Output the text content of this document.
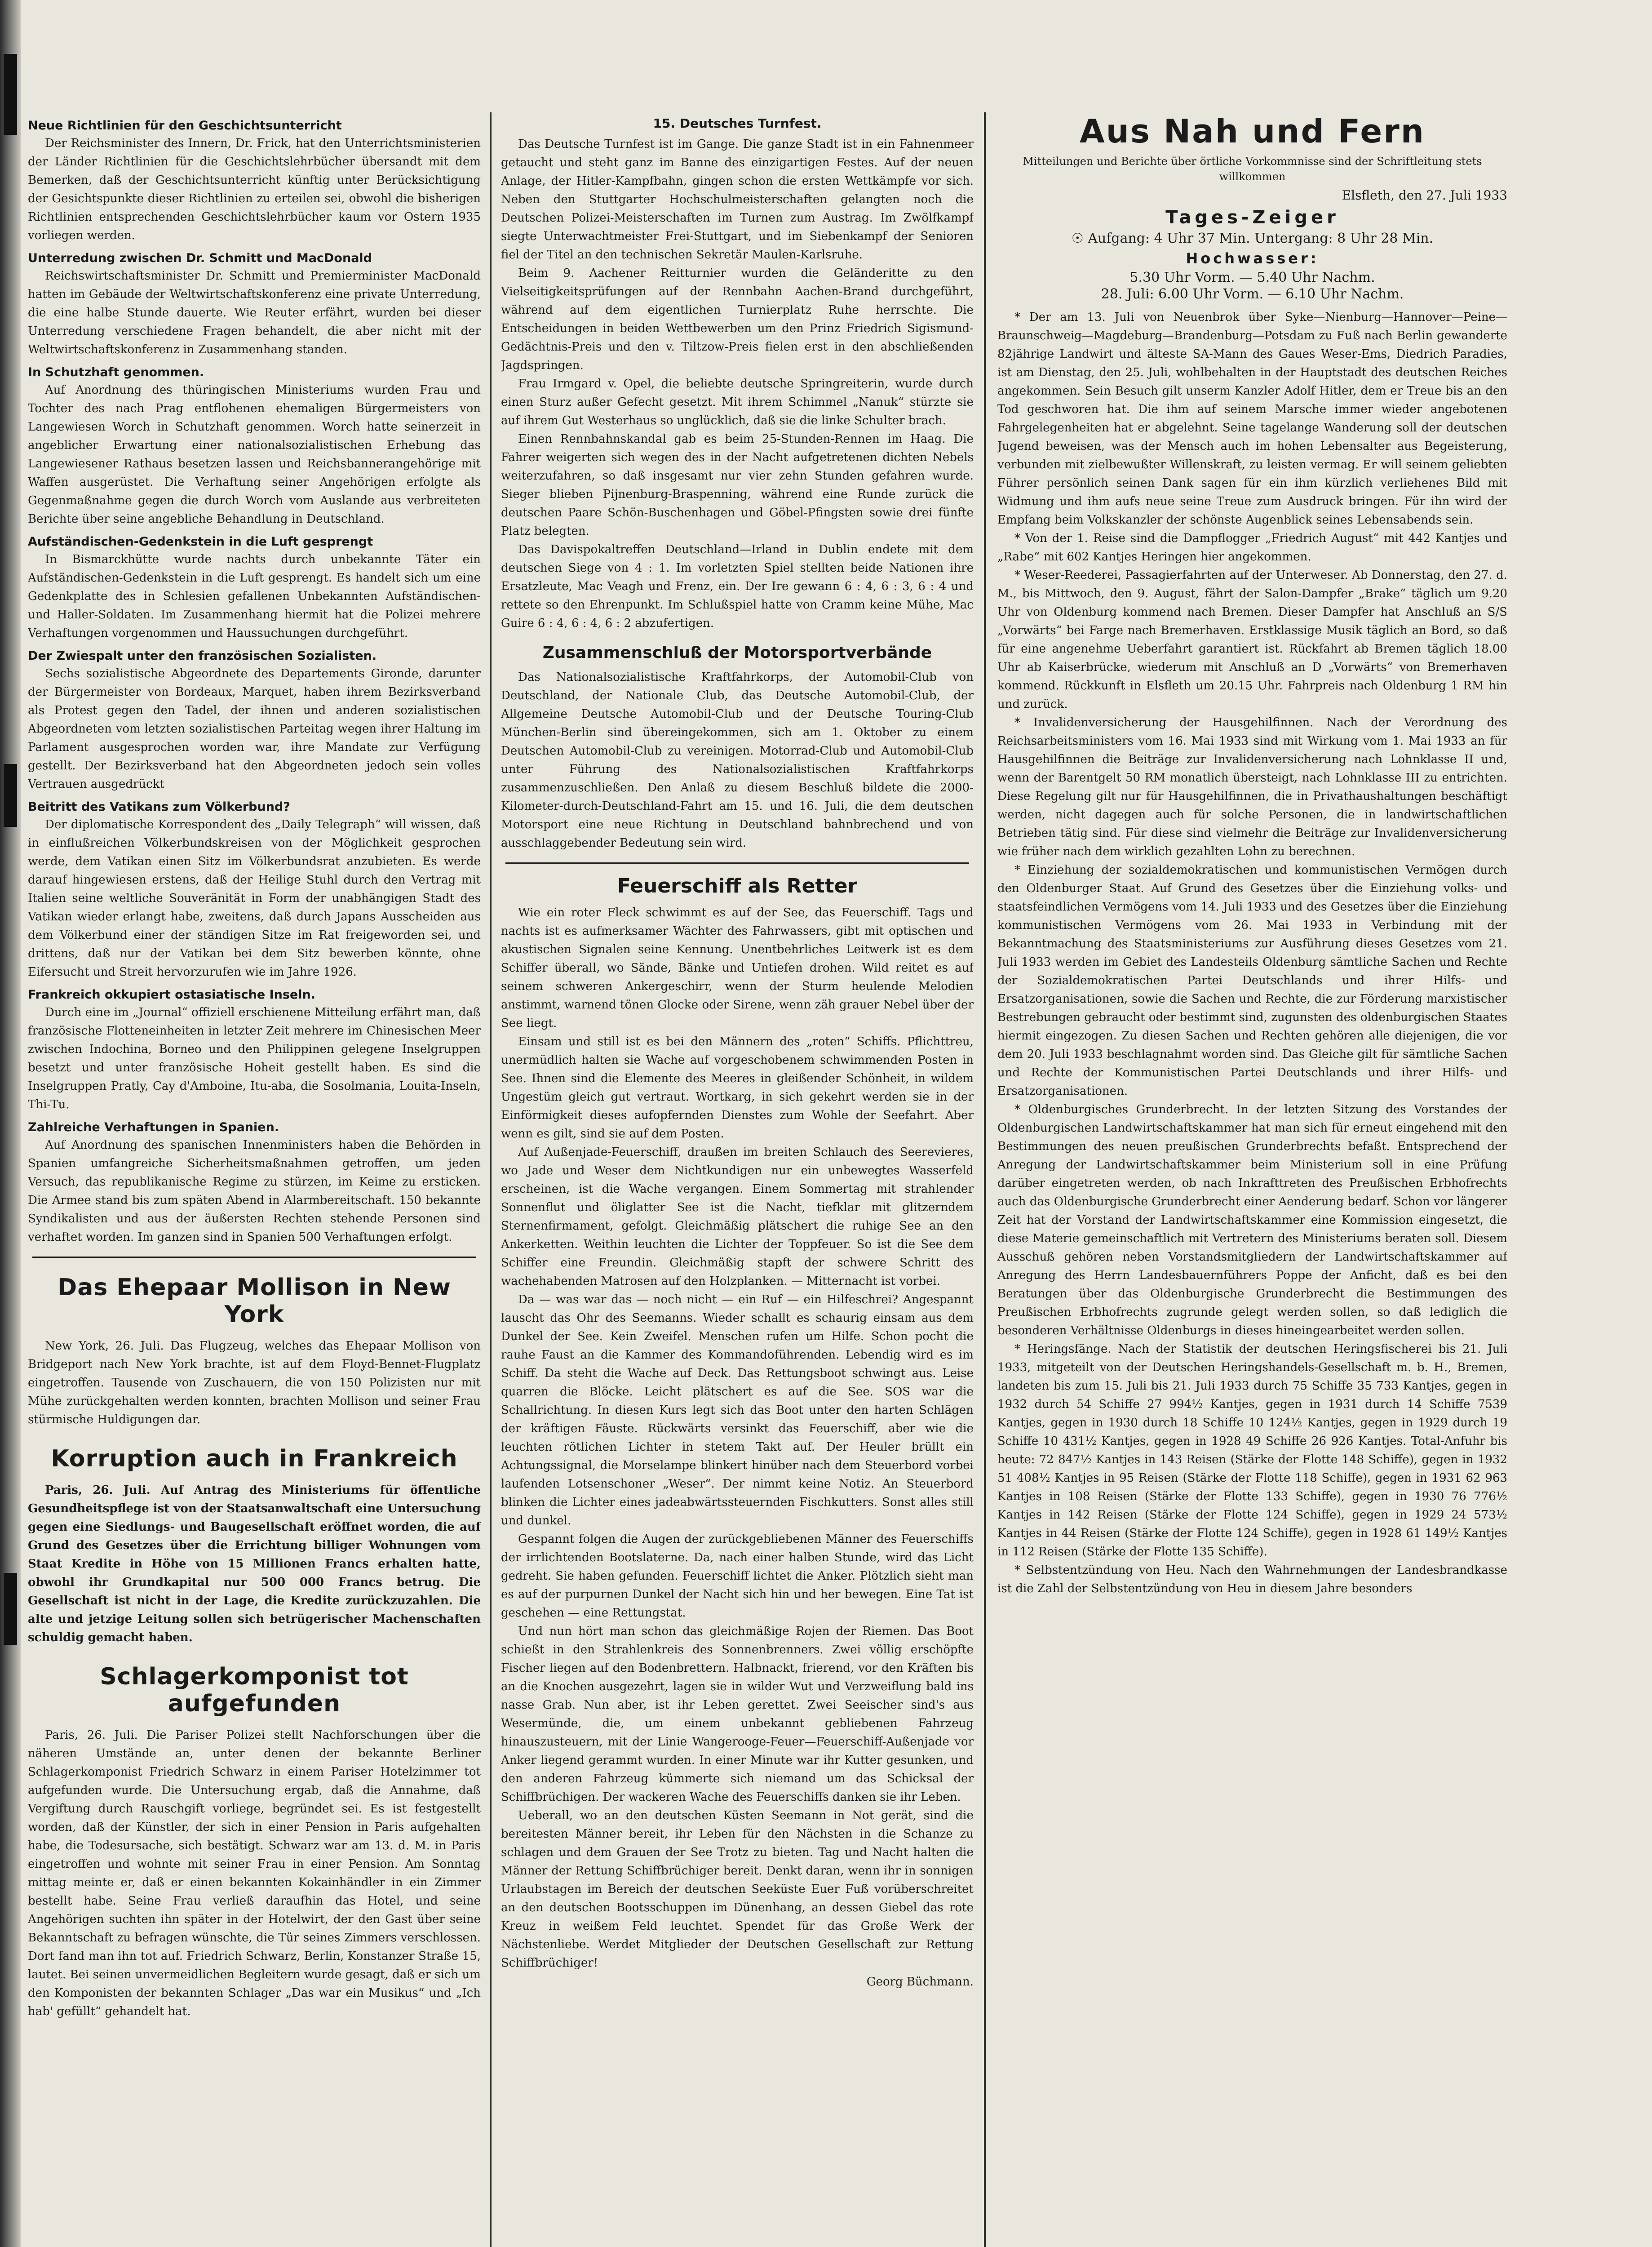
Neue Richtlinien für den Geschichtsunterricht

Der Reichsminister des Innern, Dr. Frick, hat den Unterrichtsministerien der Länder Richtlinien für die Geschichtslehrbücher übersandt mit dem Bemerken, daß der Geschichtsunterricht künftig unter Berücksichtigung der Gesichtspunkte dieser Richtlinien zu erteilen sei, obwohl die bisherigen Richtlinien entsprechenden Geschichtslehrbücher kaum vor Ostern 1935 vorliegen werden.

Unterredung zwischen Dr. Schmitt und MacDonald

Reichswirtschaftsminister Dr. Schmitt und Premierminister MacDonald hatten im Gebäude der Weltwirtschaftskonferenz eine private Unterredung, die eine halbe Stunde dauerte. Wie Reuter erfährt, wurden bei dieser Unterredung verschiedene Fragen behandelt, die aber nicht mit der Weltwirtschaftskonferenz in Zusammenhang standen.

In Schutzhaft genommen.

Auf Anordnung des thüringischen Ministeriums wurden Frau und Tochter des nach Prag entflohenen ehemaligen Bürgermeisters von Langewiesen Worch in Schutzhaft genommen. Worch hatte seinerzeit in angeblicher Erwartung einer nationalsozialistischen Erhebung das Langewiesener Rathaus besetzen lassen und Reichsbannerangehörige mit Waffen ausgerüstet. Die Verhaftung seiner Angehörigen erfolgte als Gegenmaßnahme gegen die durch Worch vom Auslande aus verbreiteten Berichte über seine angebliche Behandlung in Deutschland.

Aufständischen-Gedenkstein in die Luft gesprengt

In Bismarckhütte wurde nachts durch unbekannte Täter ein Aufständischen-Gedenkstein in die Luft gesprengt. Es handelt sich um eine Gedenkplatte des in Schlesien gefallenen Unbekannten Aufständischen- und Haller-Soldaten. Im Zusammenhang hiermit hat die Polizei mehrere Verhaftungen vorgenommen und Haussuchungen durchgeführt.

Der Zwiespalt unter den französischen Sozialisten.

Sechs sozialistische Abgeordnete des Departements Gironde, darunter der Bürgermeister von Bordeaux, Marquet, haben ihrem Bezirksverband als Protest gegen den Tadel, der ihnen und anderen sozialistischen Abgeordneten vom letzten sozialistischen Parteitag wegen ihrer Haltung im Parlament ausgesprochen worden war, ihre Mandate zur Verfügung gestellt. Der Bezirksverband hat den Abgeordneten jedoch sein volles Vertrauen ausgedrückt

Beitritt des Vatikans zum Völkerbund?

Der diplomatische Korrespondent des „Daily Telegraph“ will wissen, daß in einflußreichen Völkerbundskreisen von der Möglichkeit gesprochen werde, dem Vatikan einen Sitz im Völkerbundsrat anzubieten. Es werde darauf hingewiesen erstens, daß der Heilige Stuhl durch den Vertrag mit Italien seine weltliche Souveränität in Form der unabhängigen Stadt des Vatikan wieder erlangt habe, zweitens, daß durch Japans Ausscheiden aus dem Völkerbund einer der ständigen Sitze im Rat freigeworden sei, und drittens, daß nur der Vatikan bei dem Sitz bewerben könnte, ohne Eifersucht und Streit hervorzurufen wie im Jahre 1926.

Frankreich okkupiert ostasiatische Inseln.

Durch eine im „Journal“ offiziell erschienene Mitteilung erfährt man, daß französische Flotteneinheiten in letzter Zeit mehrere im Chinesischen Meer zwischen Indochina, Borneo und den Philippinen gelegene Inselgruppen besetzt und unter französische Hoheit gestellt haben. Es sind die Inselgruppen Pratly, Cay d'Amboine, Itu-aba, die Sosolmania, Louita-Inseln, Thi-Tu.

Zahlreiche Verhaftungen in Spanien.

Auf Anordnung des spanischen Innenministers haben die Behörden in Spanien umfangreiche Sicherheitsmaßnahmen getroffen, um jeden Versuch, das republikanische Regime zu stürzen, im Keime zu ersticken. Die Armee stand bis zum späten Abend in Alarmbereitschaft. 150 bekannte Syndikalisten und aus der äußersten Rechten stehende Personen sind verhaftet worden. Im ganzen sind in Spanien 500 Verhaftungen erfolgt.

Das Ehepaar Mollison in New York

New York, 26. Juli. Das Flugzeug, welches das Ehepaar Mollison von Bridgeport nach New York brachte, ist auf dem Floyd-Bennet-Flugplatz eingetroffen. Tausende von Zuschauern, die von 150 Polizisten nur mit Mühe zurückgehalten werden konnten, brachten Mollison und seiner Frau stürmische Huldigungen dar.

Korruption auch in Frankreich

Paris, 26. Juli. Auf Antrag des Ministeriums für öffentliche Gesundheitspflege ist von der Staatsanwaltschaft eine Untersuchung gegen eine Siedlungs- und Baugesellschaft eröffnet worden, die auf Grund des Gesetzes über die Errichtung billiger Wohnungen vom Staat Kredite in Höhe von 15 Millionen Francs erhalten hatte, obwohl ihr Grundkapital nur 500 000 Francs betrug. Die Gesellschaft ist nicht in der Lage, die Kredite zurückzuzahlen. Die alte und jetzige Leitung sollen sich betrügerischer Machenschaften schuldig gemacht haben.

Schlagerkomponist tot aufgefunden

Paris, 26. Juli. Die Pariser Polizei stellt Nachforschungen über die näheren Umstände an, unter denen der bekannte Berliner Schlagerkomponist Friedrich Schwarz in einem Pariser Hotelzimmer tot aufgefunden wurde. Die Untersuchung ergab, daß die Annahme, daß Vergiftung durch Rauschgift vorliege, begründet sei. Es ist festgestellt worden, daß der Künstler, der sich in einer Pension in Paris aufgehalten habe, die Todesursache, sich bestätigt. Schwarz war am 13. d. M. in Paris eingetroffen und wohnte mit seiner Frau in einer Pension. Am Sonntag mittag meinte er, daß er einen bekannten Kokainhändler in ein Zimmer bestellt habe. Seine Frau verließ daraufhin das Hotel, und seine Angehörigen suchten ihn später in der Hotelwirt, der den Gast über seine Bekanntschaft zu befragen wünschte, die Tür seines Zimmers verschlossen. Dort fand man ihn tot auf. Friedrich Schwarz, Berlin, Konstanzer Straße 15, lautet. Bei seinen unvermeidlichen Begleitern wurde gesagt, daß er sich um den Komponisten der bekannten Schlager „Das war ein Musikus“ und „Ich hab' gefüllt“ gehandelt hat.

15. Deutsches Turnfest.

Das Deutsche Turnfest ist im Gange. Die ganze Stadt ist in ein Fahnenmeer getaucht und steht ganz im Banne des einzigartigen Festes. Auf der neuen Anlage, der Hitler-Kampfbahn, gingen schon die ersten Wettkämpfe vor sich. Neben den Stuttgarter Hochschulmeisterschaften gelangten noch die Deutschen Polizei-Meisterschaften im Turnen zum Austrag. Im Zwölfkampf siegte Unterwachtmeister Frei-Stuttgart, und im Siebenkampf der Senioren fiel der Titel an den technischen Sekretär Maulen-Karlsruhe.

Beim 9. Aachener Reitturnier wurden die Geländeritte zu den Vielseitigkeitsprüfungen auf der Rennbahn Aachen-Brand durchgeführt, während auf dem eigentlichen Turnierplatz Ruhe herrschte. Die Entscheidungen in beiden Wettbewerben um den Prinz Friedrich Sigismund-Gedächtnis-Preis und den v. Tiltzow-Preis fielen erst in den abschließenden Jagdspringen.

Frau Irmgard v. Opel, die beliebte deutsche Springreiterin, wurde durch einen Sturz außer Gefecht gesetzt. Mit ihrem Schimmel „Nanuk“ stürzte sie auf ihrem Gut Westerhaus so unglücklich, daß sie die linke Schulter brach.

Einen Rennbahnskandal gab es beim 25-Stunden-Rennen im Haag. Die Fahrer weigerten sich wegen des in der Nacht aufgetretenen dichten Nebels weiterzufahren, so daß insgesamt nur vier zehn Stunden gefahren wurde. Sieger blieben Pijnenburg-Braspenning, während eine Runde zurück die deutschen Paare Schön-Buschenhagen und Göbel-Pfingsten sowie drei fünfte Platz belegten.

Das Davispokaltreffen Deutschland—Irland in Dublin endete mit dem deutschen Siege von 4 : 1. Im vorletzten Spiel stellten beide Nationen ihre Ersatzleute, Mac Veagh und Frenz, ein. Der Ire gewann 6 : 4, 6 : 3, 6 : 4 und rettete so den Ehrenpunkt. Im Schlußspiel hatte von Cramm keine Mühe, Mac Guire 6 : 4, 6 : 4, 6 : 2 abzufertigen.

Zusammenschluß der Motorsportverbände

Das Nationalsozialistische Kraftfahrkorps, der Automobil-Club von Deutschland, der Nationale Club, das Deutsche Automobil-Club, der Allgemeine Deutsche Automobil-Club und der Deutsche Touring-Club München-Berlin sind übereingekommen, sich am 1. Oktober zu einem Deutschen Automobil-Club zu vereinigen. Motorrad-Club und Automobil-Club unter Führung des Nationalsozialistischen Kraftfahrkorps zusammenzuschließen. Den Anlaß zu diesem Beschluß bildete die 2000-Kilometer-durch-Deutschland-Fahrt am 15. und 16. Juli, die dem deutschen Motorsport eine neue Richtung in Deutschland bahnbrechend und von ausschlaggebender Bedeutung sein wird.

Feuerschiff als Retter

Wie ein roter Fleck schwimmt es auf der See, das Feuerschiff. Tags und nachts ist es aufmerksamer Wächter des Fahrwassers, gibt mit optischen und akustischen Signalen seine Kennung. Unentbehrliches Leitwerk ist es dem Schiffer überall, wo Sände, Bänke und Untiefen drohen. Wild reitet es auf seinem schweren Ankergeschirr, wenn der Sturm heulende Melodien anstimmt, warnend tönen Glocke oder Sirene, wenn zäh grauer Nebel über der See liegt.

Einsam und still ist es bei den Männern des „roten“ Schiffs. Pflichttreu, unermüdlich halten sie Wache auf vorgeschobenem schwimmenden Posten in See. Ihnen sind die Elemente des Meeres in gleißender Schönheit, in wildem Ungestüm gleich gut vertraut. Wortkarg, in sich gekehrt werden sie in der Einförmigkeit dieses aufopfernden Dienstes zum Wohle der Seefahrt. Aber wenn es gilt, sind sie auf dem Posten.

Auf Außenjade-Feuerschiff, draußen im breiten Schlauch des Seerevieres, wo Jade und Weser dem Nichtkundigen nur ein unbewegtes Wasserfeld erscheinen, ist die Wache vergangen. Einem Sommertag mit strahlender Sonnenflut und öliglatter See ist die Nacht, tiefklar mit glitzerndem Sternenfirmament, gefolgt. Gleichmäßig plätschert die ruhige See an den Ankerketten. Weithin leuchten die Lichter der Toppfeuer. So ist die See dem Schiffer eine Freundin. Gleichmäßig stapft der schwere Schritt des wachehabenden Matrosen auf den Holzplanken. — Mitternacht ist vorbei.

Da — was war das — noch nicht — ein Ruf — ein Hilfeschrei? Angespannt lauscht das Ohr des Seemanns. Wieder schallt es schaurig einsam aus dem Dunkel der See. Kein Zweifel. Menschen rufen um Hilfe. Schon pocht die rauhe Faust an die Kammer des Kommandoführenden. Lebendig wird es im Schiff. Da steht die Wache auf Deck. Das Rettungsboot schwingt aus. Leise quarren die Blöcke. Leicht plätschert es auf die See. SOS war die Schallrichtung. In diesen Kurs legt sich das Boot unter den harten Schlägen der kräftigen Fäuste. Rückwärts versinkt das Feuerschiff, aber wie die leuchten rötlichen Lichter in stetem Takt auf. Der Heuler brüllt ein Achtungssignal, die Morselampe blinkert hinüber nach dem Steuerbord vorbei laufenden Lotsenschoner „Weser“. Der nimmt keine Notiz. An Steuerbord blinken die Lichter eines jadeabwärtssteuernden Fischkutters. Sonst alles still und dunkel.

Gespannt folgen die Augen der zurückgebliebenen Männer des Feuerschiffs der irrlichtenden Bootslaterne. Da, nach einer halben Stunde, wird das Licht gedreht. Sie haben gefunden. Feuerschiff lichtet die Anker. Plötzlich sieht man es auf der purpurnen Dunkel der Nacht sich hin und her bewegen. Eine Tat ist geschehen — eine Rettungstat.

Und nun hört man schon das gleichmäßige Rojen der Riemen. Das Boot schießt in den Strahlenkreis des Sonnenbrenners. Zwei völlig erschöpfte Fischer liegen auf den Bodenbrettern. Halbnackt, frierend, vor den Kräften bis an die Knochen ausgezehrt, lagen sie in wilder Wut und Verzweiflung bald ins nasse Grab. Nun aber, ist ihr Leben gerettet. Zwei Seeischer sind's aus Wesermünde, die, um einem unbekannt gebliebenen Fahrzeug hinauszusteuern, mit der Linie Wangerooge-Feuer—Feuerschiff-Außenjade vor Anker liegend gerammt wurden. In einer Minute war ihr Kutter gesunken, und den anderen Fahrzeug kümmerte sich niemand um das Schicksal der Schiffbrüchigen. Der wackeren Wache des Feuerschiffs danken sie ihr Leben.

Ueberall, wo an den deutschen Küsten Seemann in Not gerät, sind die bereitesten Männer bereit, ihr Leben für den Nächsten in die Schanze zu schlagen und dem Grauen der See Trotz zu bieten. Tag und Nacht halten die Männer der Rettung Schiffbrüchiger bereit. Denkt daran, wenn ihr in sonnigen Urlaubstagen im Bereich der deutschen Seeküste Euer Fuß vorüberschreitet an den deutschen Bootsschuppen im Dünenhang, an dessen Giebel das rote Kreuz in weißem Feld leuchtet. Spendet für das Große Werk der Nächstenliebe. Werdet Mitglieder der Deutschen Gesellschaft zur Rettung Schiffbrüchiger!

Georg Büchmann.
Aus Nah und Fern
Mitteilungen und Berichte über örtliche Vorkommnisse sind der Schriftleitung stets willkommen
Elsfleth, den 27. Juli 1933
Tages-Zeiger
☉ Aufgang: 4 Uhr 37 Min. Untergang: 8 Uhr 28 Min.
Hochwasser:
5.30 Uhr Vorm. — 5.40 Uhr Nachm.
28. Juli: 6.00 Uhr Vorm. — 6.10 Uhr Nachm.

* Der am 13. Juli von Neuenbrok über Syke—Nienburg—Hannover—Peine—Braunschweig—Magdeburg—Brandenburg—Potsdam zu Fuß nach Berlin gewanderte 82jährige Landwirt und älteste SA-Mann des Gaues Weser-Ems, Diedrich Paradies, ist am Dienstag, den 25. Juli, wohlbehalten in der Hauptstadt des deutschen Reiches angekommen. Sein Besuch gilt unserm Kanzler Adolf Hitler, dem er Treue bis an den Tod geschworen hat. Die ihm auf seinem Marsche immer wieder angebotenen Fahrgelegenheiten hat er abgelehnt. Seine tagelange Wanderung soll der deutschen Jugend beweisen, was der Mensch auch im hohen Lebensalter aus Begeisterung, verbunden mit zielbewußter Willenskraft, zu leisten vermag. Er will seinem geliebten Führer persönlich seinen Dank sagen für ein ihm kürzlich verliehenes Bild mit Widmung und ihm aufs neue seine Treue zum Ausdruck bringen. Für ihn wird der Empfang beim Volkskanzler der schönste Augenblick seines Lebensabends sein.

* Von der 1. Reise sind die Dampflogger „Friedrich August“ mit 442 Kantjes und „Rabe“ mit 602 Kantjes Heringen hier angekommen.

* Weser-Reederei, Passagierfahrten auf der Unterweser. Ab Donnerstag, den 27. d. M., bis Mittwoch, den 9. August, fährt der Salon-Dampfer „Brake“ täglich um 9.20 Uhr von Oldenburg kommend nach Bremen. Dieser Dampfer hat Anschluß an S/S „Vorwärts“ bei Farge nach Bremerhaven. Erstklassige Musik täglich an Bord, so daß für eine angenehme Ueberfahrt garantiert ist. Rückfahrt ab Bremen täglich 18.00 Uhr ab Kaiserbrücke, wiederum mit Anschluß an D „Vorwärts“ von Bremerhaven kommend. Rückkunft in Elsfleth um 20.15 Uhr. Fahrpreis nach Oldenburg 1 RM hin und zurück.

* Invalidenversicherung der Hausgehilfinnen. Nach der Verordnung des Reichsarbeitsministers vom 16. Mai 1933 sind mit Wirkung vom 1. Mai 1933 an für Hausgehilfinnen die Beiträge zur Invalidenversicherung nach Lohnklasse II und, wenn der Barentgelt 50 RM monatlich übersteigt, nach Lohnklasse III zu entrichten. Diese Regelung gilt nur für Hausgehilfinnen, die in Privathaushaltungen beschäftigt werden, nicht dagegen auch für solche Personen, die in landwirtschaftlichen Betrieben tätig sind. Für diese sind vielmehr die Beiträge zur Invalidenversicherung wie früher nach dem wirklich gezahlten Lohn zu berechnen.

* Einziehung der sozialdemokratischen und kommunistischen Vermögen durch den Oldenburger Staat. Auf Grund des Gesetzes über die Einziehung volks- und staatsfeindlichen Vermögens vom 14. Juli 1933 und des Gesetzes über die Einziehung kommunistischen Vermögens vom 26. Mai 1933 in Verbindung mit der Bekanntmachung des Staatsministeriums zur Ausführung dieses Gesetzes vom 21. Juli 1933 werden im Gebiet des Landesteils Oldenburg sämtliche Sachen und Rechte der Sozialdemokratischen Partei Deutschlands und ihrer Hilfs- und Ersatzorganisationen, sowie die Sachen und Rechte, die zur Förderung marxistischer Bestrebungen gebraucht oder bestimmt sind, zugunsten des oldenburgischen Staates hiermit eingezogen. Zu diesen Sachen und Rechten gehören alle diejenigen, die vor dem 20. Juli 1933 beschlagnahmt worden sind. Das Gleiche gilt für sämtliche Sachen und Rechte der Kommunistischen Partei Deutschlands und ihrer Hilfs- und Ersatzorganisationen.

* Oldenburgisches Grunderbrecht. In der letzten Sitzung des Vorstandes der Oldenburgischen Landwirtschaftskammer hat man sich für erneut eingehend mit den Bestimmungen des neuen preußischen Grunderbrechts befaßt. Entsprechend der Anregung der Landwirtschaftskammer beim Ministerium soll in eine Prüfung darüber eingetreten werden, ob nach Inkrafttreten des Preußischen Erbhofrechts auch das Oldenburgische Grunderbrecht einer Aenderung bedarf. Schon vor längerer Zeit hat der Vorstand der Landwirtschaftskammer eine Kommission eingesetzt, die diese Materie gemeinschaftlich mit Vertretern des Ministeriums beraten soll. Diesem Ausschuß gehören neben Vorstandsmitgliedern der Landwirtschaftskammer auf Anregung des Herrn Landesbauernführers Poppe der Anficht, daß es bei den Beratungen über das Oldenburgische Grunderbrecht die Bestimmungen des Preußischen Erbhofrechts zugrunde gelegt werden sollen, so daß lediglich die besonderen Verhältnisse Oldenburgs in dieses hineingearbeitet werden sollen.

* Heringsfänge. Nach der Statistik der deutschen Heringsfischerei bis 21. Juli 1933, mitgeteilt von der Deutschen Heringshandels-Gesellschaft m. b. H., Bremen, landeten bis zum 15. Juli bis 21. Juli 1933 durch 75 Schiffe 35 733 Kantjes, gegen in 1932 durch 54 Schiffe 27 994½ Kantjes, gegen in 1931 durch 14 Schiffe 7539 Kantjes, gegen in 1930 durch 18 Schiffe 10 124½ Kantjes, gegen in 1929 durch 19 Schiffe 10 431½ Kantjes, gegen in 1928 49 Schiffe 26 926 Kantjes. Total-Anfuhr bis heute: 72 847½ Kantjes in 143 Reisen (Stärke der Flotte 148 Schiffe), gegen in 1932 51 408½ Kantjes in 95 Reisen (Stärke der Flotte 118 Schiffe), gegen in 1931 62 963 Kantjes in 108 Reisen (Stärke der Flotte 133 Schiffe), gegen in 1930 76 776½ Kantjes in 142 Reisen (Stärke der Flotte 124 Schiffe), gegen in 1929 24 573½ Kantjes in 44 Reisen (Stärke der Flotte 124 Schiffe), gegen in 1928 61 149½ Kantjes in 112 Reisen (Stärke der Flotte 135 Schiffe).

* Selbstentzündung von Heu. Nach den Wahrnehmungen der Landesbrandkasse ist die Zahl der Selbstentzündung von Heu in diesem Jahre besonders
